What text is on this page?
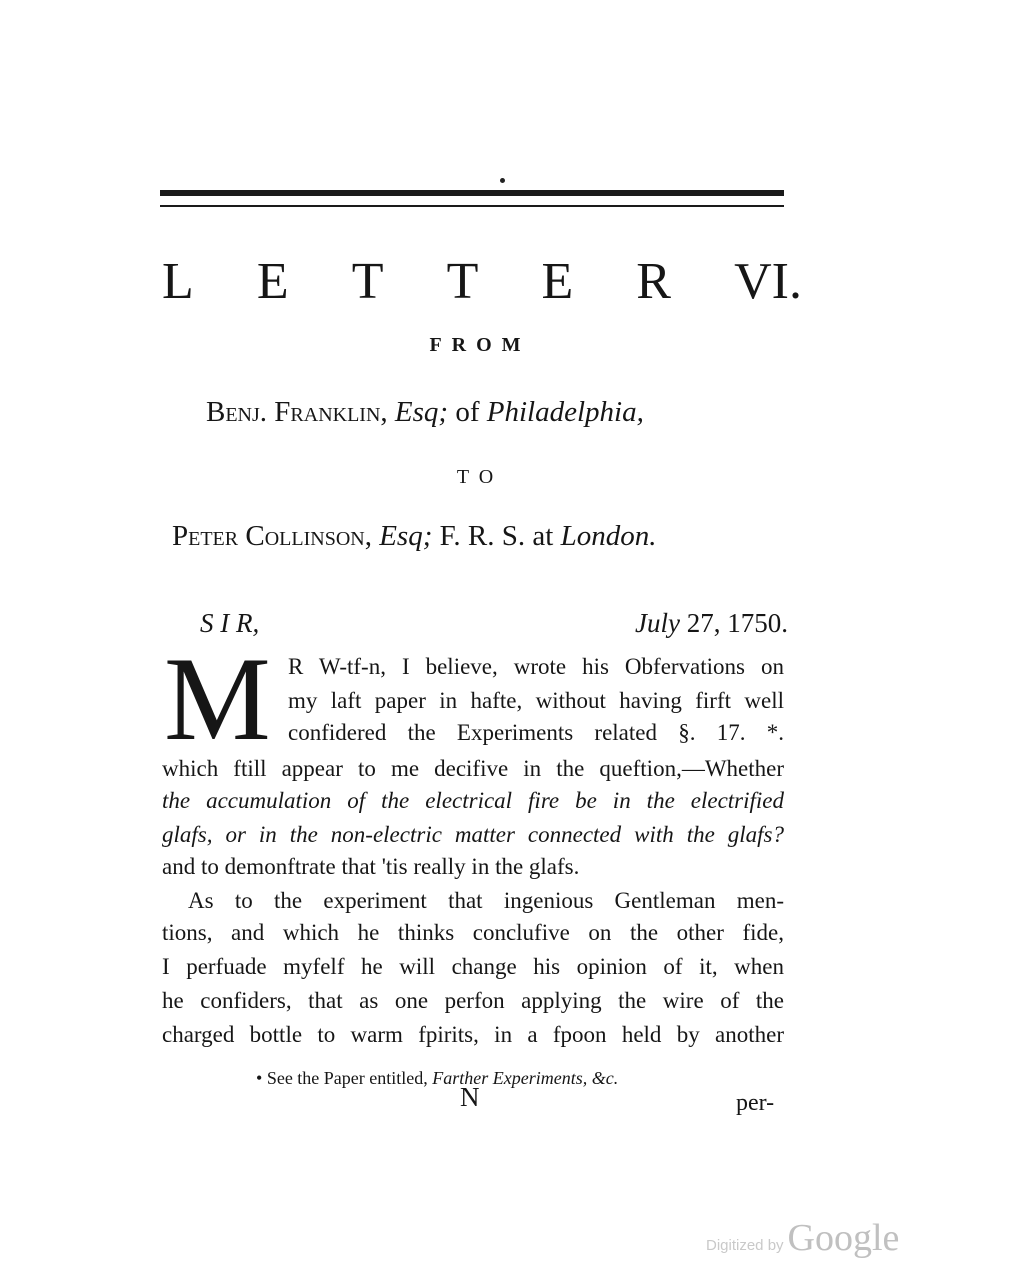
L E T T E R VI.
FROM
Benj. Franklin, Esq; of Philadelphia,
TO
Peter Collinson, Esq; F. R. S. at London.
S I R,	July 27, 1750.
M R W-tf-n, I believe, wrote his Obfervations on
my laft paper in hafte, without having firft well
confidered the Experiments related §. 17. *.
which ftill appear to me decifive in the queftion,—Whether
the accumulation of the electrical fire be in the electrified
glafs, or in the non-electric matter connected with the glafs?
and to demonftrate that 'tis really in the glafs.
As to the experiment that ingenious Gentleman men-
tions, and which he thinks conclufive on the other fide,
I perfuade myfelf he will change his opinion of it, when
he confiders, that as one perfon applying the wire of the
charged bottle to warm fpirits, in a fpoon held by another
• See the Paper entitled, Farther Experiments, &c.
N	per-
Digitized by Google
